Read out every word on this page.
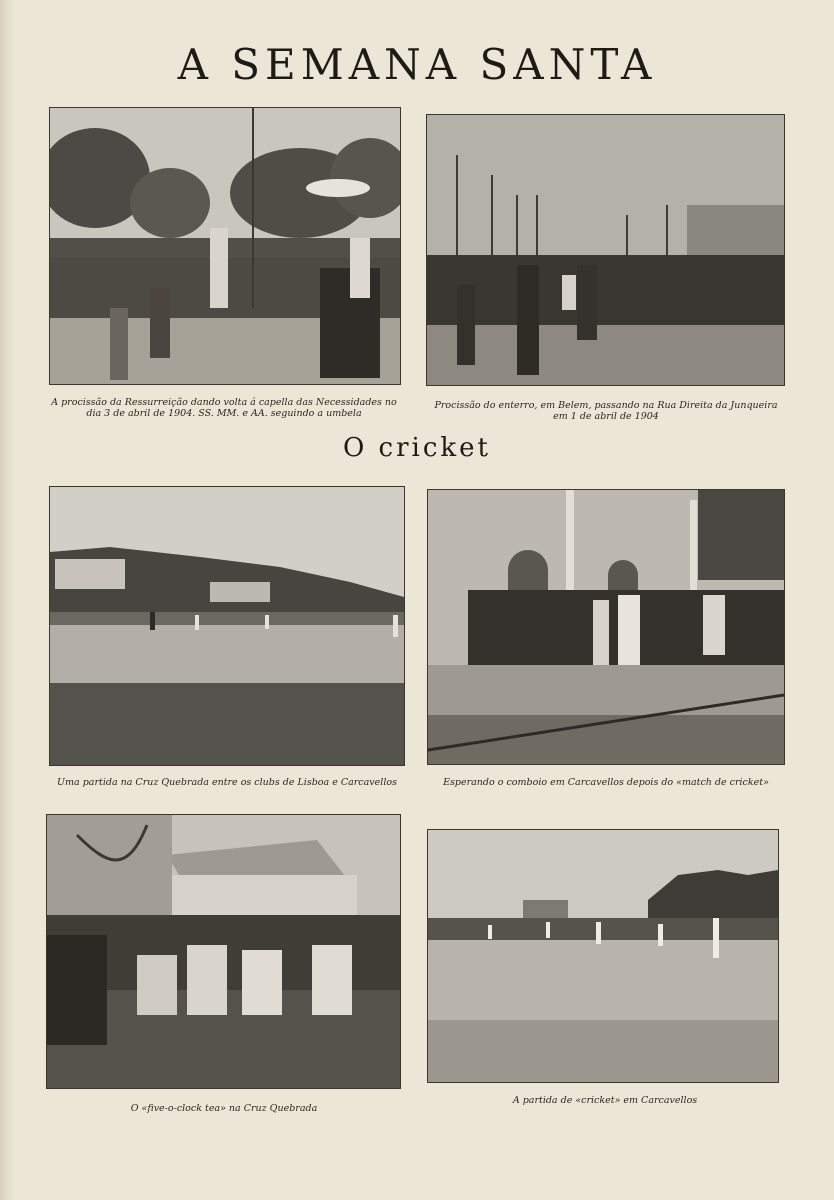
A SEMANA SANTA
A procissão da Ressurreição dando volta á capella das Necessidades no dia 3 de abril de 1904. SS. MM. e AA. seguindo a umbela
Procissão do enterro, em Belem, passando na Rua Direita da Junqueira em 1 de abril de 1904
O cricket
Uma partida na Cruz Quebrada entre os clubs de Lisboa e Carcavellos	Esperando o comboio em Carcavellos depois do «match de cricket»
O «five-o-clock tea» na Cruz Quebrada
A partida de «cricket» em Carcavellos
